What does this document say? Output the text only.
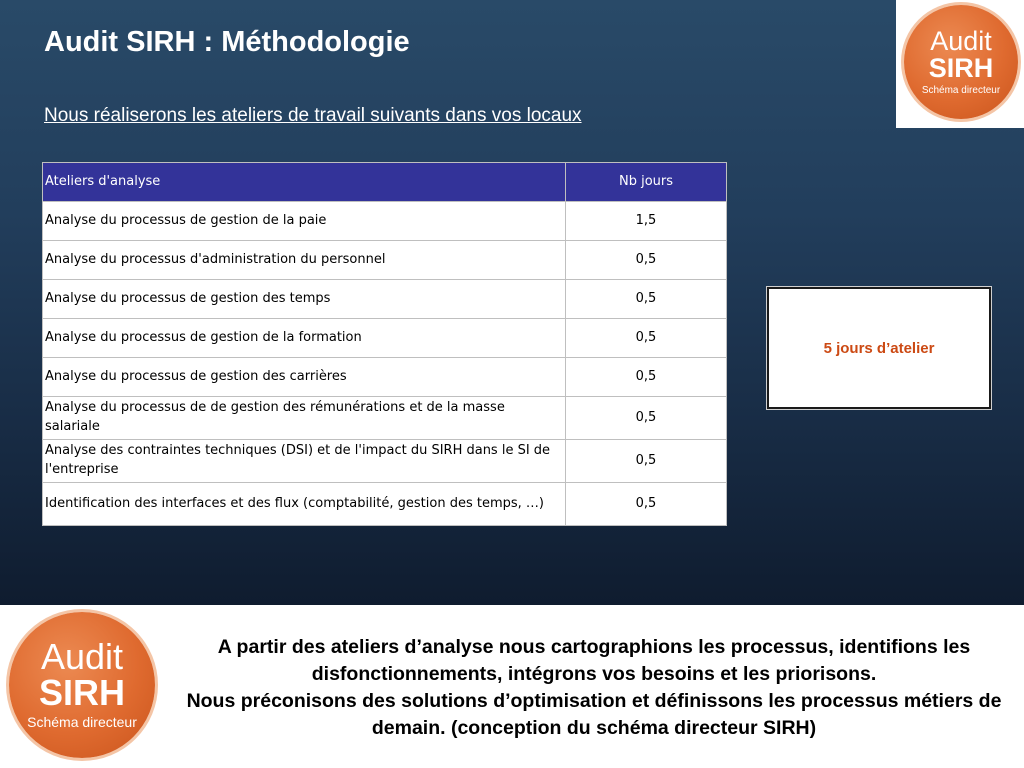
Audit SIRH : Méthodologie
Nous réaliserons les ateliers de travail suivants dans vos locaux
Audit
SIRH
Schéma directeur
Ateliers d'analyse	Nb jours
Analyse du processus de gestion de la paie	1,5
Analyse du processus d'administration du personnel	0,5
Analyse du processus de gestion des temps	0,5
Analyse du processus de gestion de la formation	0,5
Analyse du processus de gestion des carrières	0,5
Analyse du processus de de gestion des rémunérations et de la masse salariale	0,5
Analyse des contraintes techniques (DSI) et de l'impact du SIRH dans le SI de l'entreprise	0,5
Identification des interfaces et des flux (comptabilité, gestion des temps, …)	0,5
5 jours d’atelier
Audit
SIRH
Schéma directeur

A partir des ateliers d’analyse nous cartographions les processus, identifions les disfonctionnements, intégrons vos besoins et les priorisons.

Nous préconisons des solutions d’optimisation et définissons les processus métiers de demain. (conception du schéma directeur SIRH)
